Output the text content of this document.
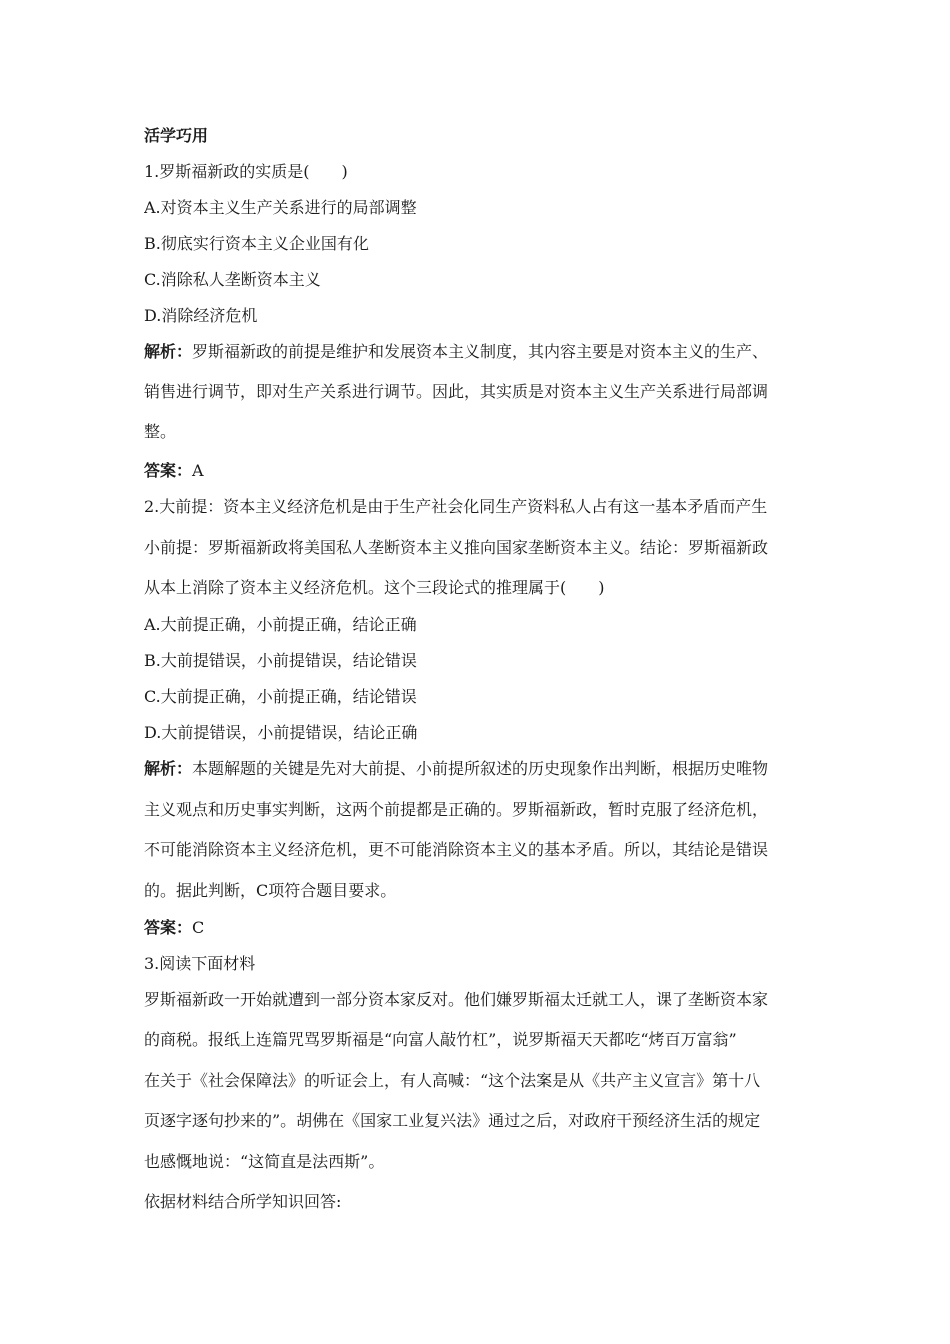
活学巧用
1.罗斯福新政的实质是(　　)
A.对资本主义生产关系进行的局部调整
B.彻底实行资本主义企业国有化
C.消除私人垄断资本主义
D.消除经济危机
解析：罗斯福新政的前提是维护和发展资本主义制度，其内容主要是对资本主义的生产、
销售进行调节，即对生产关系进行调节。因此，其实质是对资本主义生产关系进行局部调
整。
答案：A
2.大前提：资本主义经济危机是由于生产社会化同生产资料私人占有这一基本矛盾而产生
小前提：罗斯福新政将美国私人垄断资本主义推向国家垄断资本主义。结论：罗斯福新政
从本上消除了资本主义经济危机。这个三段论式的推理属于(　　)
A.大前提正确，小前提正确，结论正确
B.大前提错误，小前提错误，结论错误
C.大前提正确，小前提正确，结论错误
D.大前提错误，小前提错误，结论正确
解析：本题解题的关键是先对大前提、小前提所叙述的历史现象作出判断，根据历史唯物
主义观点和历史事实判断，这两个前提都是正确的。罗斯福新政，暂时克服了经济危机，
不可能消除资本主义经济危机，更不可能消除资本主义的基本矛盾。所以，其结论是错误
的。据此判断，C项符合题目要求。
答案：C
3.阅读下面材料
罗斯福新政一开始就遭到一部分资本家反对。他们嫌罗斯福太迁就工人，课了垄断资本家
的商税。报纸上连篇咒骂罗斯福是“向富人敲竹杠”，说罗斯福天天都吃“烤百万富翁”
在关于《社会保障法》的听证会上，有人高喊：“这个法案是从《共产主义宣言》第十八
页逐字逐句抄来的”。胡佛在《国家工业复兴法》通过之后，对政府干预经济生活的规定
也感慨地说：“这简直是法西斯”。
依据材料结合所学知识回答:
